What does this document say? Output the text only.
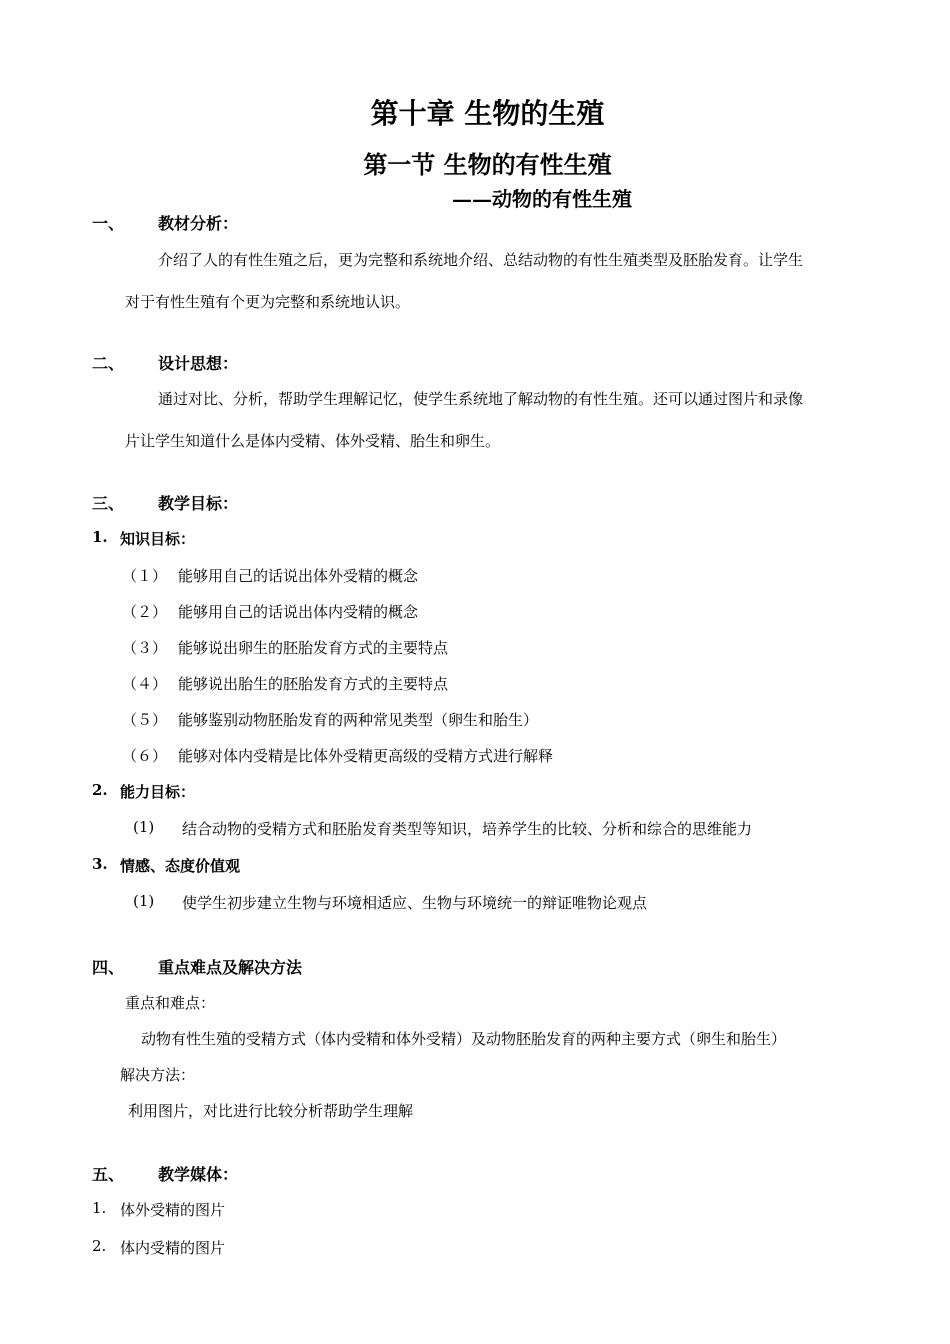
第十章 生物的生殖
第一节 生物的有性生殖
——动物的有性生殖
一、 教材分析：
介绍了人的有性生殖之后，更为完整和系统地介绍、总结动物的有性生殖类型及胚胎发育。让学生
对于有性生殖有个更为完整和系统地认识。
二、 设计思想：
通过对比、分析，帮助学生理解记忆，使学生系统地了解动物的有性生殖。还可以通过图片和录像
片让学生知道什么是体内受精、体外受精、胎生和卵生。
三、 教学目标：
1. 知识目标：
（１） 能够用自己的话说出体外受精的概念
（２） 能够用自己的话说出体内受精的概念
（３） 能够说出卵生的胚胎发育方式的主要特点
（４） 能够说出胎生的胚胎发育方式的主要特点
（５） 能够鉴别动物胚胎发育的两种常见类型（卵生和胎生）
（６） 能够对体内受精是比体外受精更高级的受精方式进行解释
2. 能力目标：
(1) 结合动物的受精方式和胚胎发育类型等知识，培养学生的比较、分析和综合的思维能力
3. 情感、态度价值观
(1) 使学生初步建立生物与环境相适应、生物与环境统一的辩证唯物论观点
四、 重点难点及解决方法
重点和难点：
动物有性生殖的受精方式（体内受精和体外受精）及动物胚胎发育的两种主要方式（卵生和胎生）
解决方法：
利用图片，对比进行比较分析帮助学生理解
五、 教学媒体：
1. 体外受精的图片
2. 体内受精的图片
